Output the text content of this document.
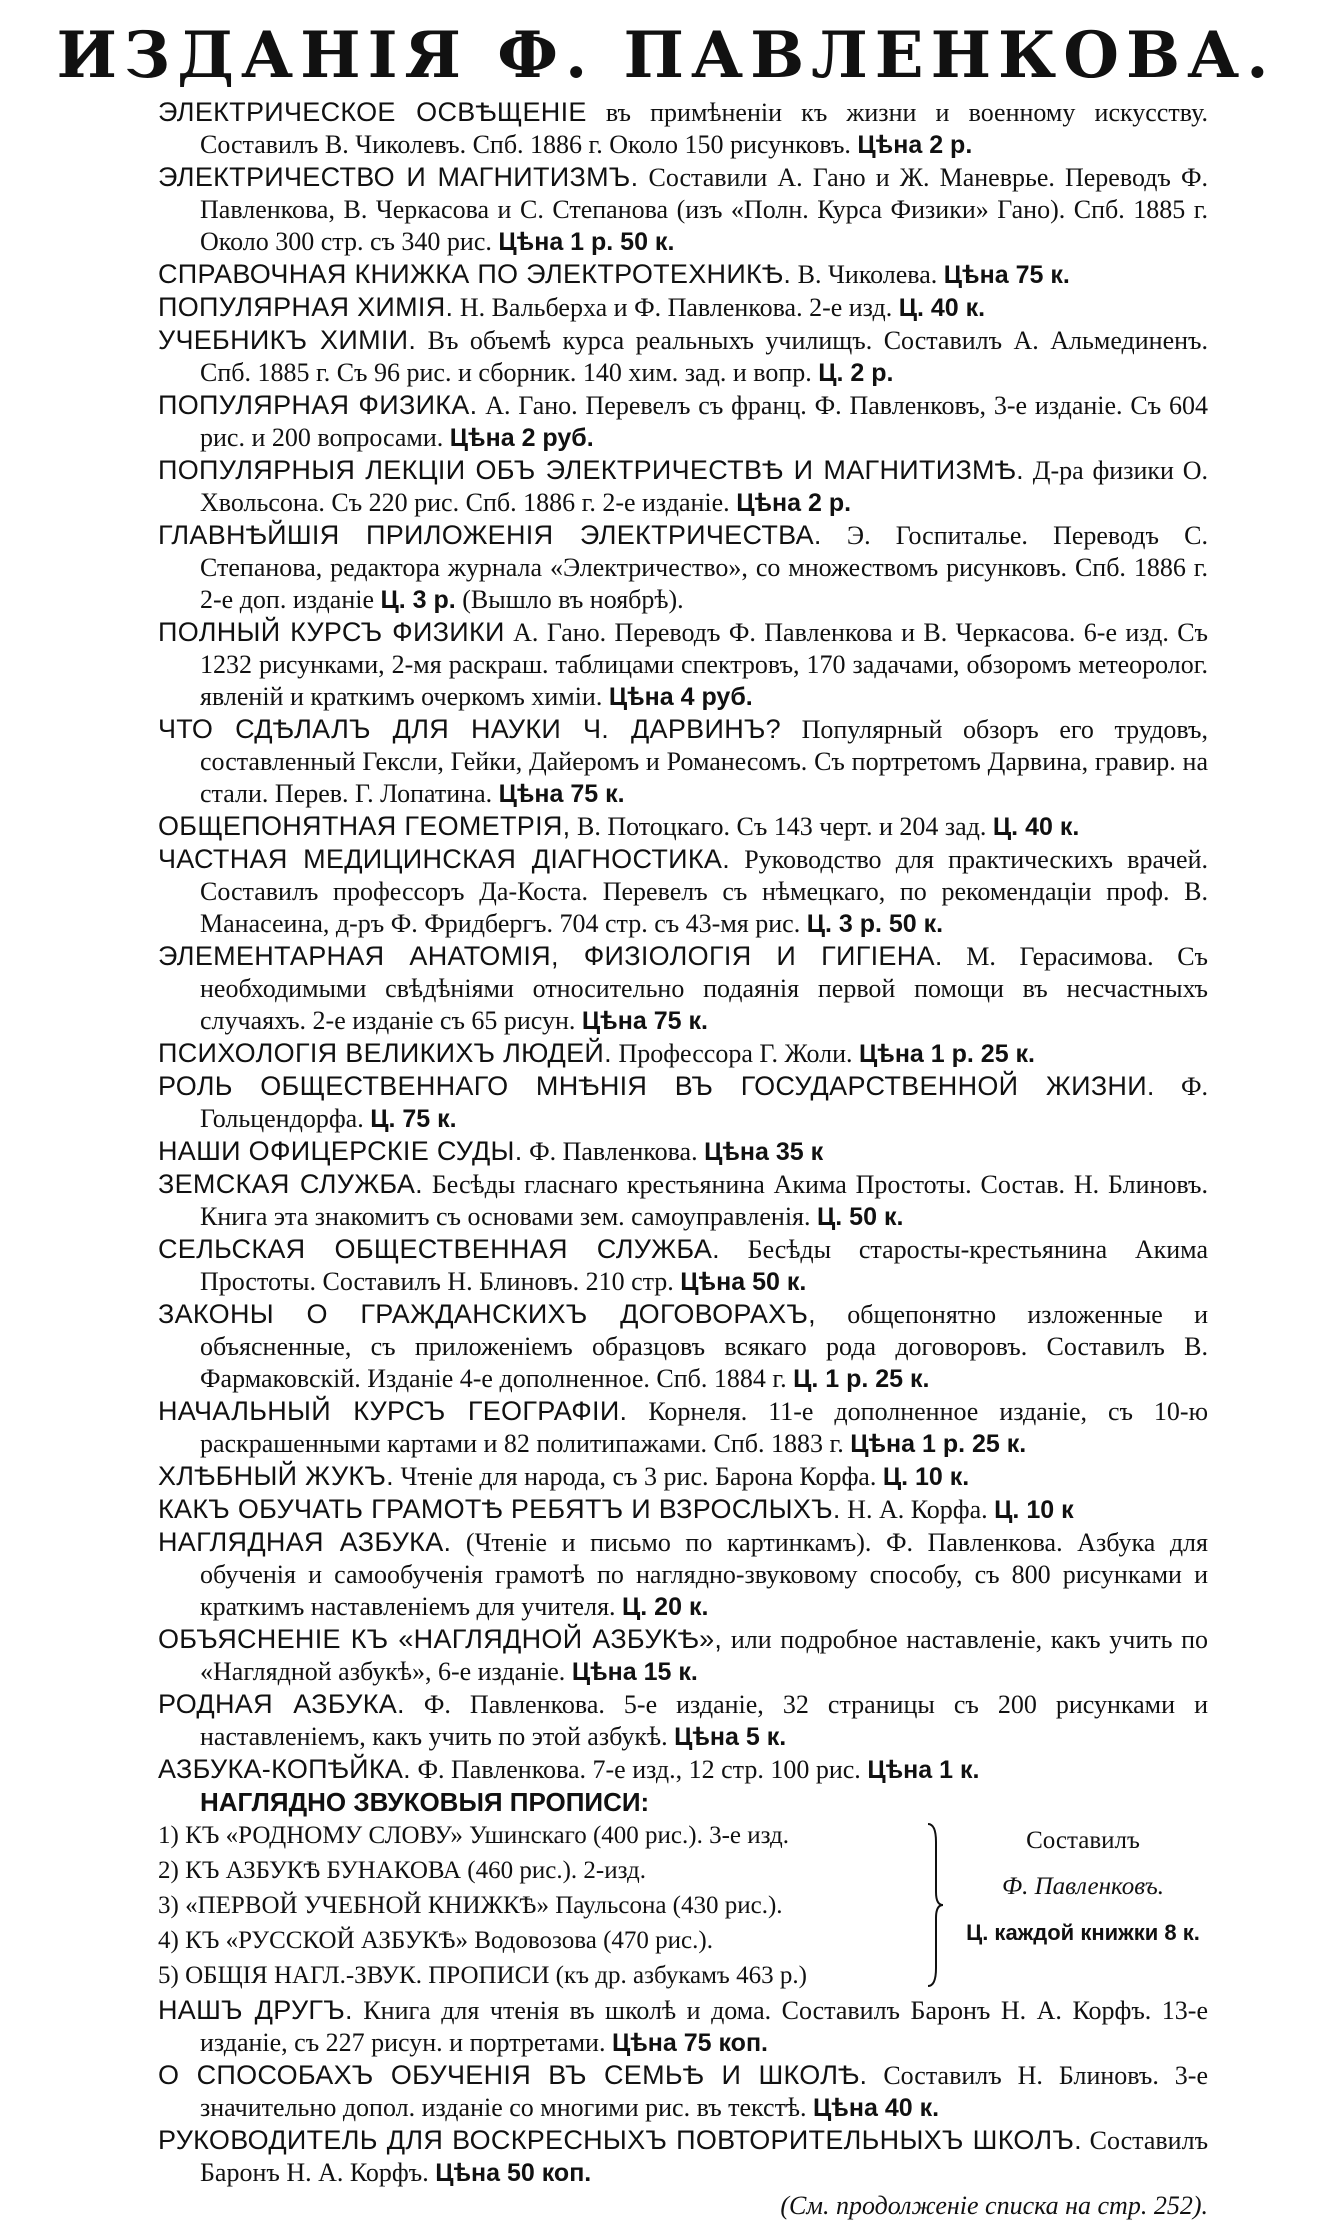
ИЗДАНІЯ Ф. ПАВЛЕНКОВА.

ЭЛЕКТРИЧЕСКОЕ ОСВѢЩЕНІЕ въ примѣненіи къ жизни и военному искусству. Составилъ В. Чиколевъ. Спб. 1886 г. Около 150 рисунковъ. Цѣна 2 р.

ЭЛЕКТРИЧЕСТВО И МАГНИТИЗМЪ. Составили А. Гано и Ж. Маневрье. Переводъ Ф. Павленкова, В. Черкасова и С. Степанова (изъ «Полн. Курса Физики» Гано). Спб. 1885 г. Около 300 стр. съ 340 рис. Цѣна 1 р. 50 к.

СПРАВОЧНАЯ КНИЖКА ПО ЭЛЕКТРОТЕХНИКѢ. В. Чиколева. Цѣна 75 к.

ПОПУЛЯРНАЯ ХИМІЯ. Н. Вальберха и Ф. Павленкова. 2-е изд. Ц. 40 к.

УЧЕБНИКЪ ХИМІИ. Въ объемѣ курса реальныхъ училищъ. Составилъ А. Альмединенъ. Спб. 1885 г. Съ 96 рис. и сборник. 140 хим. зад. и вопр. Ц. 2 р.

ПОПУЛЯРНАЯ ФИЗИКА. А. Гано. Перевелъ съ франц. Ф. Павленковъ, 3-е изданіе. Съ 604 рис. и 200 вопросами. Цѣна 2 руб.

ПОПУЛЯРНЫЯ ЛЕКЦІИ ОБЪ ЭЛЕКТРИЧЕСТВѢ И МАГНИТИЗМѢ. Д-ра физики О. Хвольсона. Съ 220 рис. Спб. 1886 г. 2-е изданіе. Цѣна 2 р.

ГЛАВНѢЙШІЯ ПРИЛОЖЕНІЯ ЭЛЕКТРИЧЕСТВА. Э. Госпитальe. Переводъ С. Степанова, редактора журнала «Электричество», со множествомъ рисунковъ. Спб. 1886 г. 2-е доп. изданіе Ц. 3 р. (Вышло въ ноябрѣ).

ПОЛНЫЙ КУРСЪ ФИЗИКИ А. Гано. Переводъ Ф. Павленкова и В. Черкасова. 6-е изд. Съ 1232 рисунками, 2-мя раскраш. таблицами спектровъ, 170 задачами, обзоромъ метеоролог. явленій и краткимъ очеркомъ химіи. Цѣна 4 руб.

ЧТО СДѢЛАЛЪ ДЛЯ НАУКИ Ч. ДАРВИНЪ? Популярный обзоръ его трудовъ, составленный Гексли, Гейки, Дайеромъ и Романесомъ. Съ портретомъ Дарвина, гравир. на стали. Перев. Г. Лопатина. Цѣна 75 к.

ОБЩЕПОНЯТНАЯ ГЕОМЕТРІЯ, В. Потоцкаго. Съ 143 черт. и 204 зад. Ц. 40 к.

ЧАСТНАЯ МЕДИЦИНСКАЯ ДІАГНОСТИКА. Руководство для практическихъ врачей. Составилъ профессоръ Да-Коста. Перевелъ съ нѣмецкаго, по рекомендаціи проф. В. Манасеина, д-ръ Ф. Фридбергъ. 704 стр. съ 43-мя рис. Ц. 3 р. 50 к.

ЭЛЕМЕНТАРНАЯ АНАТОМІЯ, ФИЗІОЛОГІЯ И ГИГІЕНА. М. Герасимова. Съ необходимыми свѣдѣніями относительно подаянія первой помощи въ несчастныхъ случаяхъ. 2-е изданіе съ 65 рисун. Цѣна 75 к.

ПСИХОЛОГІЯ ВЕЛИКИХЪ ЛЮДЕЙ. Профессора Г. Жоли. Цѣна 1 р. 25 к.

РОЛЬ ОБЩЕСТВЕННАГО МНѢНІЯ ВЪ ГОСУДАРСТВЕННОЙ ЖИЗНИ. Ф. Гольцендорфа. Ц. 75 к.

НАШИ ОФИЦЕРСКІЕ СУДЫ. Ф. Павленкова. Цѣна 35 к

ЗЕМСКАЯ СЛУЖБА. Бесѣды гласнаго крестьянина Акима Простоты. Состав. Н. Блиновъ. Книга эта знакомитъ съ основами зем. самоуправленія. Ц. 50 к.

СЕЛЬСКАЯ ОБЩЕСТВЕННАЯ СЛУЖБА. Бесѣды старосты-крестьянина Акима Простоты. Составилъ Н. Блиновъ. 210 стр. Цѣна 50 к.

ЗАКОНЫ О ГРАЖДАНСКИХЪ ДОГОВОРАХЪ, общепонятно изложенные и объясненные, съ приложеніемъ образцовъ всякаго рода договоровъ. Составилъ В. Фармаковскій. Изданіе 4-е дополненное. Спб. 1884 г. Ц. 1 р. 25 к.

НАЧАЛЬНЫЙ КУРСЪ ГЕОГРАФІИ. Корнеля. 11-е дополненное изданіе, съ 10-ю раскрашенными картами и 82 политипажами. Спб. 1883 г. Цѣна 1 р. 25 к.

ХЛѢБНЫЙ ЖУКЪ. Чтеніе для народа, съ 3 рис. Барона Корфа. Ц. 10 к.

КАКЪ ОБУЧАТЬ ГРАМОТѢ РЕБЯТЪ И ВЗРОСЛЫХЪ. Н. А. Корфа. Ц. 10 к

НАГЛЯДНАЯ АЗБУКА. (Чтеніе и письмо по картинкамъ). Ф. Павленкова. Азбука для обученія и самообученія грамотѣ по наглядно-звуковому способу, съ 800 рисунками и краткимъ наставленіемъ для учителя. Ц. 20 к.

ОБЪЯСНЕНІЕ КЪ «НАГЛЯДНОЙ АЗБУКѢ», или подробное наставленіе, какъ учить по «Наглядной азбукѣ», 6-е изданіе. Цѣна 15 к.

РОДНАЯ АЗБУКА. Ф. Павленкова. 5-е изданіе, 32 страницы съ 200 рисунками и наставленіемъ, какъ учить по этой азбукѣ. Цѣна 5 к.

АЗБУКА-КОПѢЙКА. Ф. Павленкова. 7-е изд., 12 стр. 100 рис. Цѣна 1 к.

НАГЛЯДНО ЗВУКОВЫЯ ПРОПИСИ:

1) КЪ «РОДНОМУ СЛОВУ» Ушинскаго (400 рис.). 3-е изд.
2) КЪ АЗБУКѢ БУНАКОВА (460 рис.). 2-изд.
3) «ПЕРВОЙ УЧЕБНОЙ КНИЖКѢ» Паульсона (430 рис.).
4) КЪ «РУССКОЙ АЗБУКѢ» Водовозова (470 рис.).
5) ОБЩІЯ НАГЛ.-ЗВУК. ПРОПИСИ (къ др. азбукамъ 463 р.)
Составилъ
Ф. Павленковъ.
Ц. каждой книжки 8 к.

НАШЪ ДРУГЪ. Книга для чтенія въ школѣ и дома. Составилъ Баронъ Н. А. Корфъ. 13-е изданіе, съ 227 рисун. и портретами. Цѣна 75 коп.

О СПОСОБАХЪ ОБУЧЕНІЯ ВЪ СЕМЬѢ И ШКОЛѢ. Составилъ Н. Блиновъ. 3-е значительно допол. изданіе со многими рис. въ текстѣ. Цѣна 40 к.

РУКОВОДИТЕЛЬ ДЛЯ ВОСКРЕСНЫХЪ ПОВТОРИТЕЛЬНЫХЪ ШКОЛЪ. Составилъ Баронъ Н. А. Корфъ. Цѣна 50 коп.

(См. продолженіе списка на стр. 252).
